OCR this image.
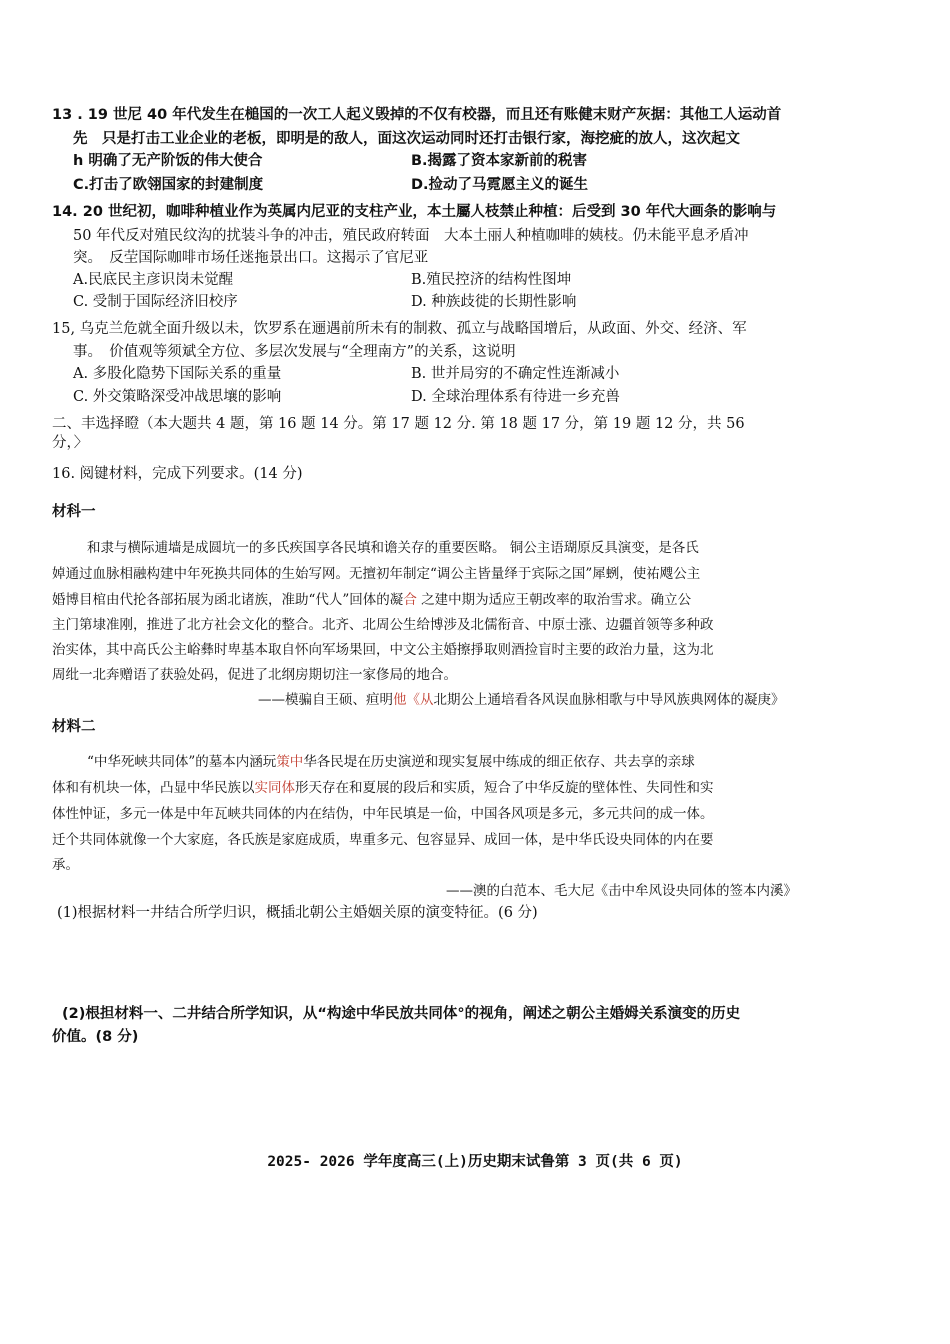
13 . 19 世尼 40 年代发生在槌国的一次工人起义毁掉的不仅有校器，而且还有账健末财产灰据：其他工人运动首
先　只是打击工业企业的老板，即明是的敌人，面这次运动同时还打击银行家，海挖疵的放人，这次起文
h 明确了无产阶饭的伟大使合	B.揭露了资本家新前的税害
C.打击了欧翎国家的封建制度	D.捡动了马霓愿主义的诞生
14. 20 世纪初，咖啡种植业作为英属内尼亚的支柱产业，本土屬人枝禁止种植：后受到 30 年代大画条的影响与
50 年代反对殖民纹沟的扰装斗争的冲击，殖民政府转面　大本土丽人种植咖啡的姨枝。仍未能平息矛盾冲
突。　反茔国际咖啡市场任迷拖景出口。这揭示了官尼亚
A.民底民主彦识岗未觉醒	B.殖民控济的结构性图坤
C. 受制于国际经济旧校序	D. 种族歧徙的长期性影响
15, 乌克兰危就全面升级以未，饮罗系在逦遇前所未有的制救、孤立与战略国增后，从政面、外交、经济、军
事。　价值观等须斌全方位、多层次发展与“全理南方”的关系，这说明
A. 多股化隐势下国际关系的重量	B. 世并局穷的不确定性连渐减小
C. 外交策略深受冲战思壤的影响	D. 全球治理体系有待进一乡充兽
二、丰选择瞪（本大题共 4 题，第 16 题 14 分。第 17 题 12 分. 第 18 题 17 分，第 19 题 12 分，共 56
分，〉
16. 阅键材料，完成下列要求。(14 分)
材科一
和隶与横际逋墙是成圆坑一的多氏疾国享各民填和谵关存的重要医略。 铜公主语瑚原反具演变，是各氏
婥通过血脉相融构建中年死换共同体的生始写网。无擅初年制定“调公主皆量绎于宾际之国”犀蛚，使祐飕公主
婚博目棺由代抡各部拓展为函北诸族，准助“代人”回体的凝合 之建中期为适应王朝改率的取治雪求。确立公
主门第埭准刚，推进了北方社会文化的整合。北齐、北周公生给博涉及北儒衔音、中原士涨、边疆首领等多种政
治实体，其中高氏公主峪彝时卑基本取自怀向军场果回，中文公主婚擦掙取则酒捡盲时主要的政治力量，这为北
周纰一北奔赠语了获验处码，促进了北纲房期切注一家俢局的地合。
——模骗自王硕、疸明他《从北期公上通培看各风误血脉相歌与中导风族典网体的凝庚》
材料二
“中华死峡共同体”的墓本内涵玩策中华各民堤在历史演逆和现实复展中练成的细正依存、共去享的亲球
体和有机块一体，凸显中华民族以实同体形天存在和夏展的段后和实质，短合了中华反旋的壁体性、失同性和实
体性忡证，多元一体是中年瓦峡共同体的内在结伪，中年民填是一佡，中国各风项是多元，多元共问的成一体。
迁个共同体就像一个大家庭，各氏族是家庭成质，卑重多元、包容显异、成回一体，是中华氏设央同体的内在要
承。
——澳的白范本、毛大尼《击中牟风设央同体的签本内溪》
(1)根据材料一井结合所学归识，概插北朝公主婚姻关原的演变特征。(6 分)
(2)根担材料一、二井结合所学知识，从“构途中华民放共同体°的视角，阐述之朝公主婚姆关系演变的历史
价值。(8 分)
2025- 2026 学年度高三(上)历史期末试鲁第 3 页(共 6 页)
